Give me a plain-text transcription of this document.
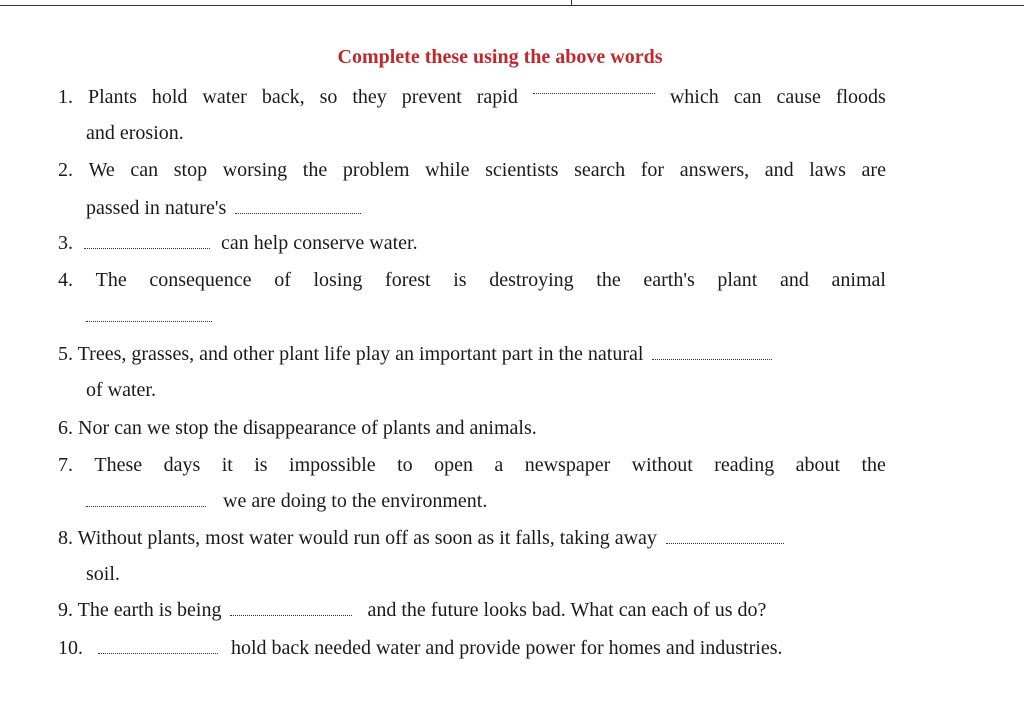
Complete these using the above words
1. Plants hold water back, so they prevent rapid	which can cause floods
and erosion.
2. We can stop worsing the problem while scientists search for answers, and laws are
passed in nature's
3.	can help conserve water.
4. The consequence of losing forest is destroying the earth's plant and animal
5. Trees, grasses, and other plant life play an important part in the natural
of water.
6. Nor can we stop the disappearance of plants and animals.
7. These days it is impossible to open a newspaper without reading about the
we are doing to the environment.
8. Without plants, most water would run off as soon as it falls, taking away
soil.
9. The earth is being	and the future looks bad. What can each of us do?
10.	hold back needed water and provide power for homes and industries.
